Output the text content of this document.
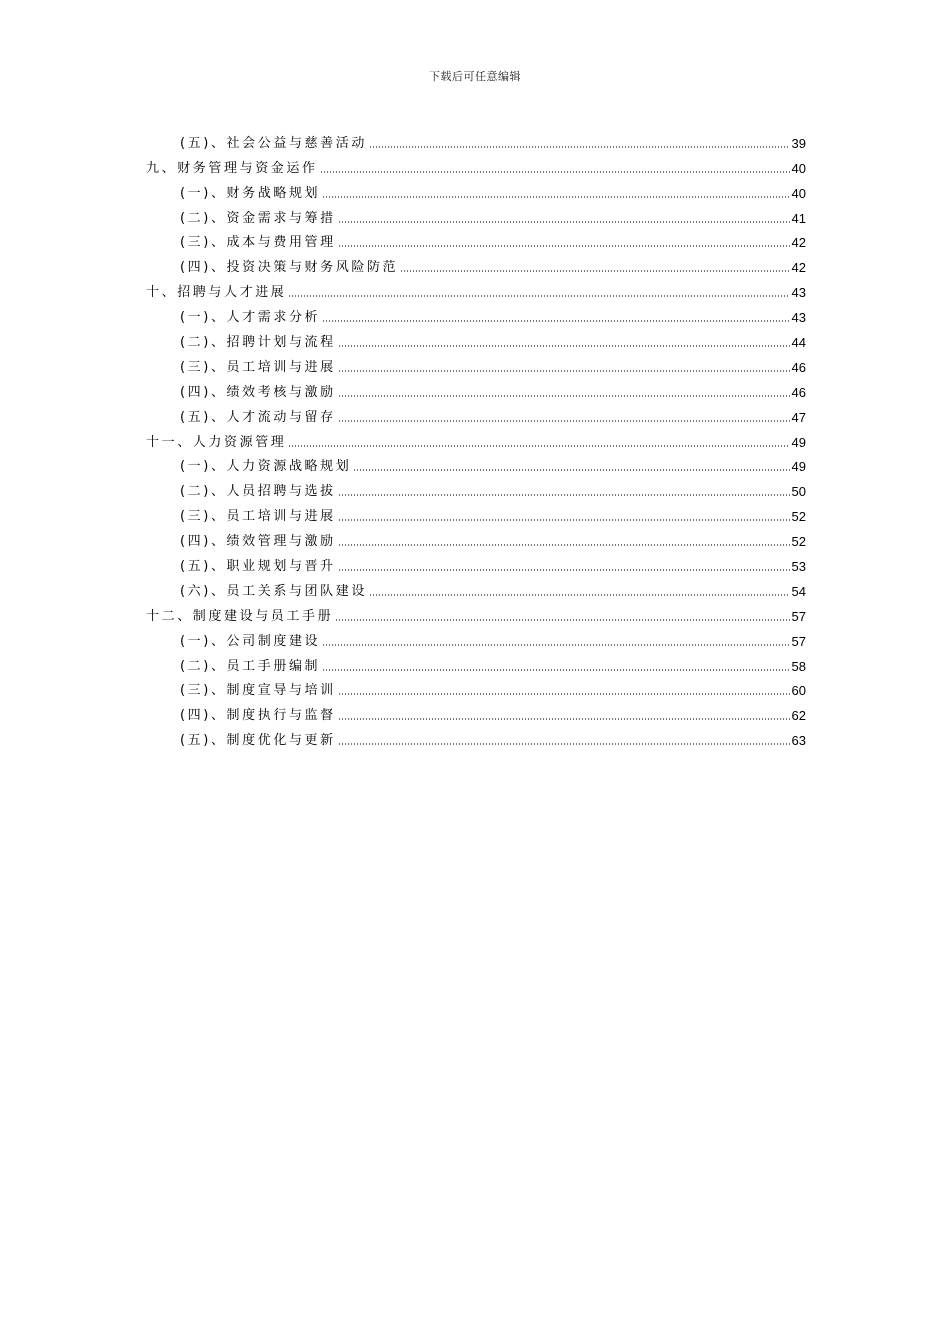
下载后可任意编辑
(五)、社会公益与慈善活动	39
九、财务管理与资金运作	40
(一)、财务战略规划	40
(二)、资金需求与筹措	41
(三)、成本与费用管理	42
(四)、投资决策与财务风险防范	42
十、招聘与人才进展	43
(一)、人才需求分析	43
(二)、招聘计划与流程	44
(三)、员工培训与进展	46
(四)、绩效考核与激励	46
(五)、人才流动与留存	47
十一、人力资源管理	49
(一)、人力资源战略规划	49
(二)、人员招聘与选拔	50
(三)、员工培训与进展	52
(四)、绩效管理与激励	52
(五)、职业规划与晋升	53
(六)、员工关系与团队建设	54
十二、制度建设与员工手册	57
(一)、公司制度建设	57
(二)、员工手册编制	58
(三)、制度宣导与培训	60
(四)、制度执行与监督	62
(五)、制度优化与更新	63
